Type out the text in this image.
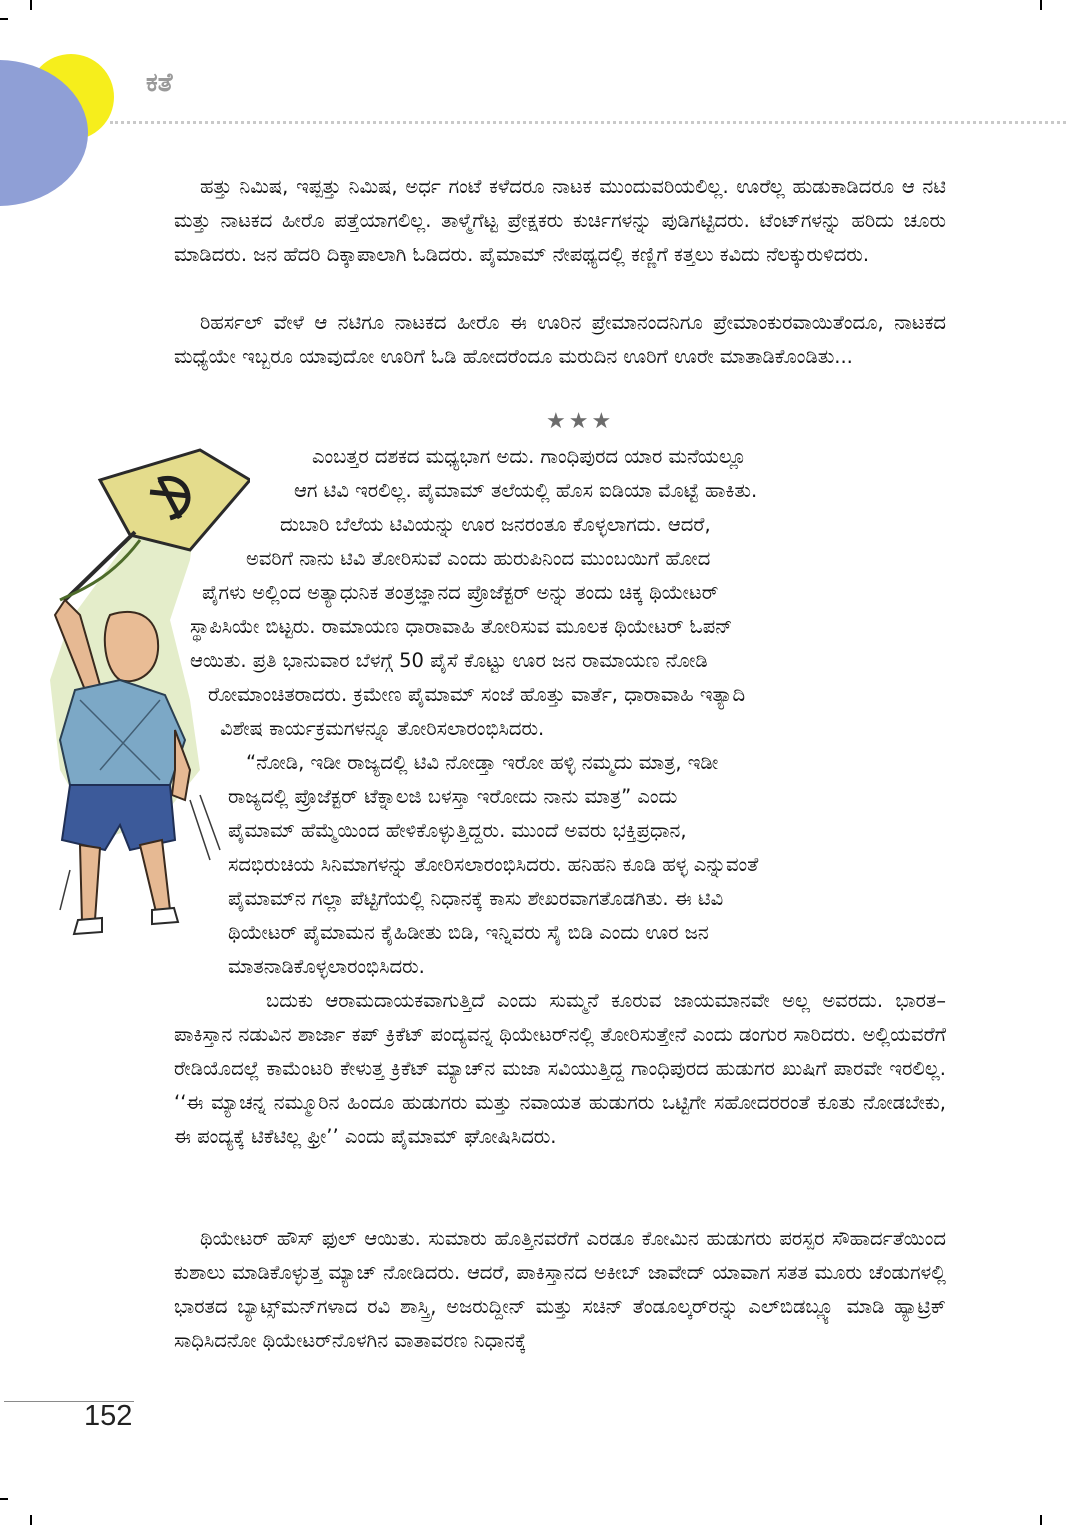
ಕತೆ

ಹತ್ತು ನಿಮಿಷ, ಇಪ್ಪತ್ತು ನಿಮಿಷ, ಅರ್ಧ ಗಂಟೆ ಕಳೆದರೂ ನಾಟಕ ಮುಂದುವರಿಯಲಿಲ್ಲ. ಊರೆಲ್ಲ ಹುಡುಕಾಡಿದರೂ ಆ ನಟಿ ಮತ್ತು ನಾಟಕದ ಹೀರೊ ಪತ್ತೆಯಾಗಲಿಲ್ಲ. ತಾಳ್ಮೆಗೆಟ್ಟ ಪ್ರೇಕ್ಷಕರು ಕುರ್ಚಿಗಳನ್ನು ಪುಡಿಗಟ್ಟಿದರು. ಟೆಂಟ್‌ಗಳನ್ನು ಹರಿದು ಚೂರು ಮಾಡಿದರು. ಜನ ಹೆದರಿ ದಿಕ್ಕಾಪಾಲಾಗಿ ಓಡಿದರು. ಪೈಮಾಮ್ ನೇಪಥ್ಯದಲ್ಲಿ ಕಣ್ಣಿಗೆ ಕತ್ತಲು ಕವಿದು ನೆಲಕ್ಕುರುಳಿದರು.

ರಿಹರ್ಸಲ್ ವೇಳೆ ಆ ನಟಿಗೂ ನಾಟಕದ ಹೀರೊ ಈ ಊರಿನ ಪ್ರೇಮಾನಂದನಿಗೂ ಪ್ರೇಮಾಂಕುರವಾಯಿತೆಂದೂ, ನಾಟಕದ ಮಧ್ಯೆಯೇ ಇಬ್ಬರೂ ಯಾವುದೋ ಊರಿಗೆ ಓಡಿ ಹೋದರೆಂದೂ ಮರುದಿನ ಊರಿಗೆ ಊರೇ ಮಾತಾಡಿಕೊಂಡಿತು...

★★★

ಎಂಬತ್ತರ ದಶಕದ ಮಧ್ಯಭಾಗ ಅದು. ಗಾಂಧಿಪುರದ ಯಾರ ಮನೆಯಲ್ಲೂ

ಆಗ ಟಿವಿ ಇರಲಿಲ್ಲ. ಪೈಮಾಮ್ ತಲೆಯಲ್ಲಿ ಹೊಸ ಐಡಿಯಾ ಮೊಟ್ಟೆ ಹಾಕಿತು.

ದುಬಾರಿ ಬೆಲೆಯ ಟಿವಿಯನ್ನು ಊರ ಜನರಂತೂ ಕೊಳ್ಳಲಾಗದು. ಆದರೆ,

ಅವರಿಗೆ ನಾನು ಟಿವಿ ತೋರಿಸುವೆ ಎಂದು ಹುರುಪಿನಿಂದ ಮುಂಬಯಿಗೆ ಹೋದ

ಪೈಗಳು ಅಲ್ಲಿಂದ ಅತ್ಯಾಧುನಿಕ ತಂತ್ರಜ್ಞಾನದ ಪ್ರೊಜೆಕ್ಟರ್ ಅನ್ನು ತಂದು ಚಿಕ್ಕ ಥಿಯೇಟರ್

ಸ್ಥಾಪಿಸಿಯೇ ಬಿಟ್ಟರು. ರಾಮಾಯಣ ಧಾರಾವಾಹಿ ತೋರಿಸುವ ಮೂಲಕ ಥಿಯೇಟರ್ ಓಪನ್

ಆಯಿತು. ಪ್ರತಿ ಭಾನುವಾರ ಬೆಳಗ್ಗೆ 50 ಪೈಸೆ ಕೊಟ್ಟು ಊರ ಜನ ರಾಮಾಯಣ ನೋಡಿ

ರೋಮಾಂಚಿತರಾದರು. ಕ್ರಮೇಣ ಪೈಮಾಮ್ ಸಂಜೆ ಹೊತ್ತು ವಾರ್ತೆ, ಧಾರಾವಾಹಿ ಇತ್ಯಾದಿ

ವಿಶೇಷ ಕಾರ್ಯಕ್ರಮಗಳನ್ನೂ ತೋರಿಸಲಾರಂಭಿಸಿದರು.

“ನೋಡಿ, ಇಡೀ ರಾಜ್ಯದಲ್ಲಿ ಟಿವಿ ನೋಡ್ತಾ ಇರೋ ಹಳ್ಳಿ ನಮ್ಮದು ಮಾತ್ರ, ಇಡೀ

ರಾಜ್ಯದಲ್ಲಿ ಪ್ರೊಜೆಕ್ಟರ್ ಟೆಕ್ನಾಲಜಿ ಬಳಸ್ತಾ ಇರೋದು ನಾನು ಮಾತ್ರ” ಎಂದು

ಪೈಮಾಮ್ ಹೆಮ್ಮೆಯಿಂದ ಹೇಳಿಕೊಳ್ಳುತ್ತಿದ್ದರು. ಮುಂದೆ ಅವರು ಭಕ್ತಿಪ್ರಧಾನ,

ಸದಭಿರುಚಿಯ ಸಿನಿಮಾಗಳನ್ನು ತೋರಿಸಲಾರಂಭಿಸಿದರು. ಹನಿಹನಿ ಕೂಡಿ ಹಳ್ಳ ಎನ್ನುವಂತೆ

ಪೈಮಾಮ್‌ನ ಗಲ್ಲಾ ಪೆಟ್ಟಿಗೆಯಲ್ಲಿ ನಿಧಾನಕ್ಕೆ ಕಾಸು ಶೇಖರವಾಗತೊಡಗಿತು. ಈ ಟಿವಿ

ಥಿಯೇಟರ್ ಪೈಮಾಮನ ಕೈಹಿಡೀತು ಬಿಡಿ, ಇನ್ನಿವರು ಸೈ ಬಿಡಿ ಎಂದು ಊರ ಜನ

ಮಾತನಾಡಿಕೊಳ್ಳಲಾರಂಭಿಸಿದರು.

ಬದುಕು ಆರಾಮದಾಯಕವಾಗುತ್ತಿದೆ ಎಂದು ಸುಮ್ಮನೆ ಕೂರುವ ಜಾಯಮಾನವೇ ಅಲ್ಲ ಅವರದು. ಭಾರತ–ಪಾಕಿಸ್ತಾನ ನಡುವಿನ ಶಾರ್ಜಾ ಕಪ್ ಕ್ರಿಕೆಟ್ ಪಂದ್ಯವನ್ನ ಥಿಯೇಟರ್‌ನಲ್ಲಿ ತೋರಿಸುತ್ತೇನೆ ಎಂದು ಡಂಗುರ ಸಾರಿದರು. ಅಲ್ಲಿಯವರೆಗೆ ರೇಡಿಯೊದಲ್ಲೆ ಕಾಮೆಂಟರಿ ಕೇಳುತ್ತ ಕ್ರಿಕೆಟ್ ಮ್ಯಾಚ್‌ನ ಮಜಾ ಸವಿಯುತ್ತಿದ್ದ ಗಾಂಧಿಪುರದ ಹುಡುಗರ ಖುಷಿಗೆ ಪಾರವೇ ಇರಲಿಲ್ಲ. ‘‘ಈ ಮ್ಯಾಚನ್ನ ನಮ್ಮೂರಿನ ಹಿಂದೂ ಹುಡುಗರು ಮತ್ತು ನವಾಯತ ಹುಡುಗರು ಒಟ್ಟಿಗೇ ಸಹೋದರರಂತೆ ಕೂತು ನೋಡಬೇಕು, ಈ ಪಂದ್ಯಕ್ಕೆ ಟಿಕೆಟಿಲ್ಲ ಫ್ರೀ’’ ಎಂದು ಪೈಮಾಮ್ ಘೋಷಿಸಿದರು.

ಥಿಯೇಟರ್ ಹೌಸ್ ಫುಲ್ ಆಯಿತು. ಸುಮಾರು ಹೊತ್ತಿನವರೆಗೆ ಎರಡೂ ಕೋಮಿನ ಹುಡುಗರು ಪರಸ್ಪರ ಸೌಹಾರ್ದತೆಯಿಂದ ಕುಶಾಲು ಮಾಡಿಕೊಳ್ಳುತ್ತ ಮ್ಯಾಚ್ ನೋಡಿದರು. ಆದರೆ, ಪಾಕಿಸ್ತಾನದ ಅಕೀಬ್ ಜಾವೇದ್ ಯಾವಾಗ ಸತತ ಮೂರು ಚೆಂಡುಗಳಲ್ಲಿ ಭಾರತದ ಬ್ಯಾಟ್ಸ್‌ಮನ್‌ಗಳಾದ ರವಿ ಶಾಸ್ತ್ರಿ, ಅಜರುದ್ದೀನ್ ಮತ್ತು ಸಚಿನ್ ತೆಂಡೂಲ್ಕರ್‌ರನ್ನು ಎಲ್‌ಬಿಡಬ್ಲ್ಯೂ ಮಾಡಿ ಹ್ಯಾಟ್ರಿಕ್ ಸಾಧಿಸಿದನೋ ಥಿಯೇಟರ್‌ನೊಳಗಿನ ವಾತಾವರಣ ನಿಧಾನಕ್ಕೆ

152
